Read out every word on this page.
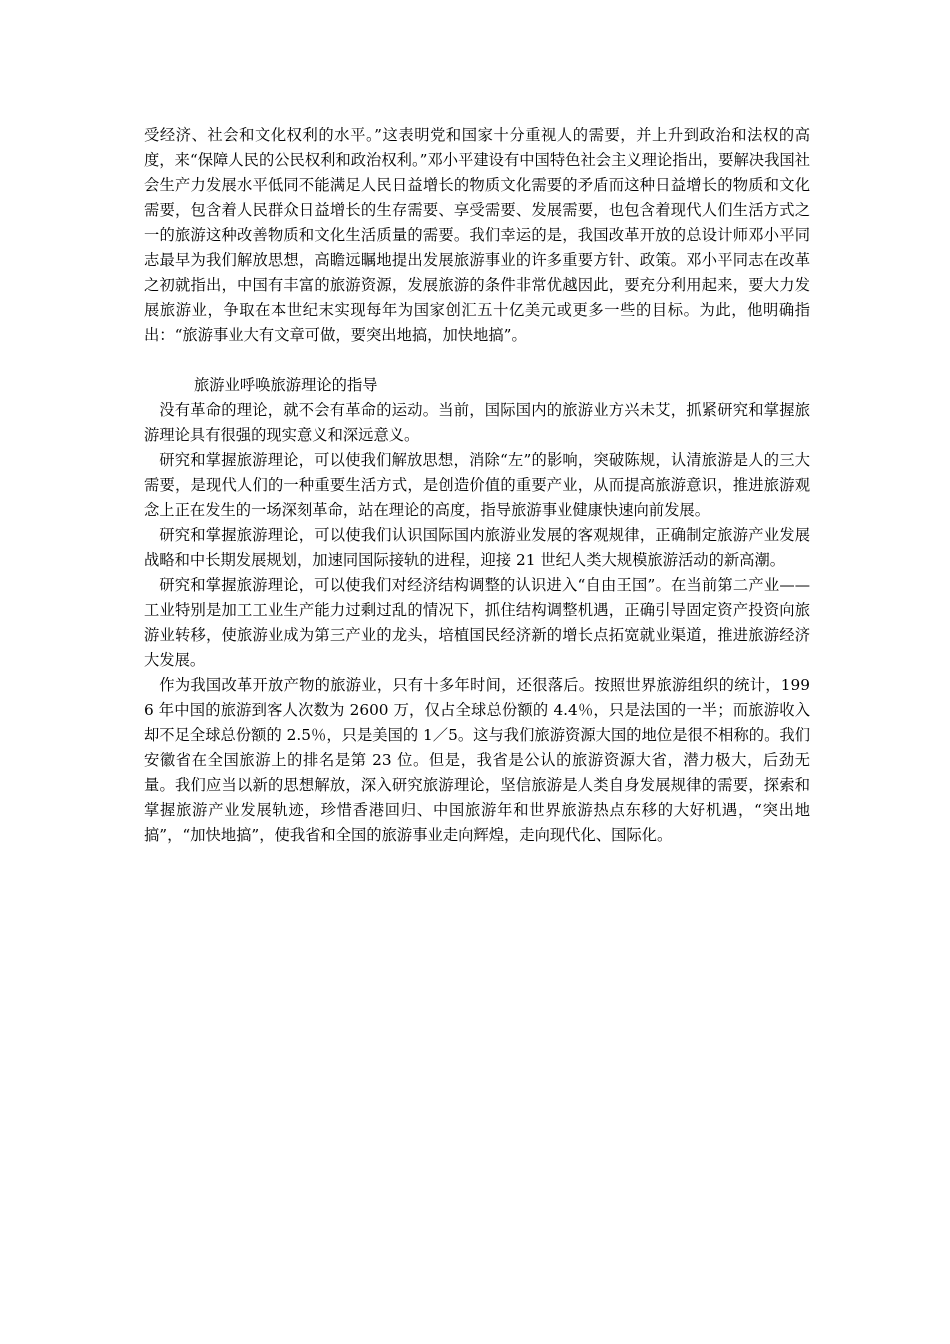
受经济、社会和文化权利的水平。”这表明党和国家十分重视人的需要，并上升到政治和法权的高度，来“保障人民的公民权利和政治权利。”邓小平建设有中国特色社会主义理论指出，要解决我国社会生产力发展水平低同不能满足人民日益增长的物质文化需要的矛盾而这种日益增长的物质和文化需要，包含着人民群众日益增长的生存需要、享受需要、发展需要，也包含着现代人们生活方式之一的旅游这种改善物质和文化生活质量的需要。我们幸运的是，我国改革开放的总设计师邓小平同志最早为我们解放思想，高瞻远瞩地提出发展旅游事业的许多重要方针、政策。邓小平同志在改革之初就指出，中国有丰富的旅游资源，发展旅游的条件非常优越因此，要充分利用起来，要大力发展旅游业，争取在本世纪末实现每年为国家创汇五十亿美元或更多一些的目标。为此，他明确指出：“旅游事业大有文章可做，要突出地搞，加快地搞”。

旅游业呼唤旅游理论的指导

没有革命的理论，就不会有革命的运动。当前，国际国内的旅游业方兴未艾，抓紧研究和掌握旅游理论具有很强的现实意义和深远意义。

研究和掌握旅游理论，可以使我们解放思想，消除“左”的影响，突破陈规，认清旅游是人的三大需要，是现代人们的一种重要生活方式，是创造价值的重要产业，从而提高旅游意识，推进旅游观念上正在发生的一场深刻革命，站在理论的高度，指导旅游事业健康快速向前发展。

研究和掌握旅游理论，可以使我们认识国际国内旅游业发展的客观规律，正确制定旅游产业发展战略和中长期发展规划，加速同国际接轨的进程，迎接 21 世纪人类大规模旅游活动的新高潮。

研究和掌握旅游理论，可以使我们对经济结构调整的认识进入“自由王国”。在当前第二产业——工业特别是加工工业生产能力过剩过乱的情况下，抓住结构调整机遇，正确引导固定资产投资向旅游业转移，使旅游业成为第三产业的龙头，培植国民经济新的增长点拓宽就业渠道，推进旅游经济大发展。

作为我国改革开放产物的旅游业，只有十多年时间，还很落后。按照世界旅游组织的统计，1996 年中国的旅游到客人次数为 2600 万，仅占全球总份额的 4.4％，只是法国的一半；而旅游收入却不足全球总份额的 2.5％，只是美国的 1／5。这与我们旅游资源大国的地位是很不相称的。我们安徽省在全国旅游上的排名是第 23 位。但是，我省是公认的旅游资源大省，潜力极大，后劲无量。我们应当以新的思想解放，深入研究旅游理论，坚信旅游是人类自身发展规律的需要，探索和掌握旅游产业发展轨迹，珍惜香港回归、中国旅游年和世界旅游热点东移的大好机遇，“突出地搞”，“加快地搞”，使我省和全国的旅游事业走向辉煌，走向现代化、国际化。
